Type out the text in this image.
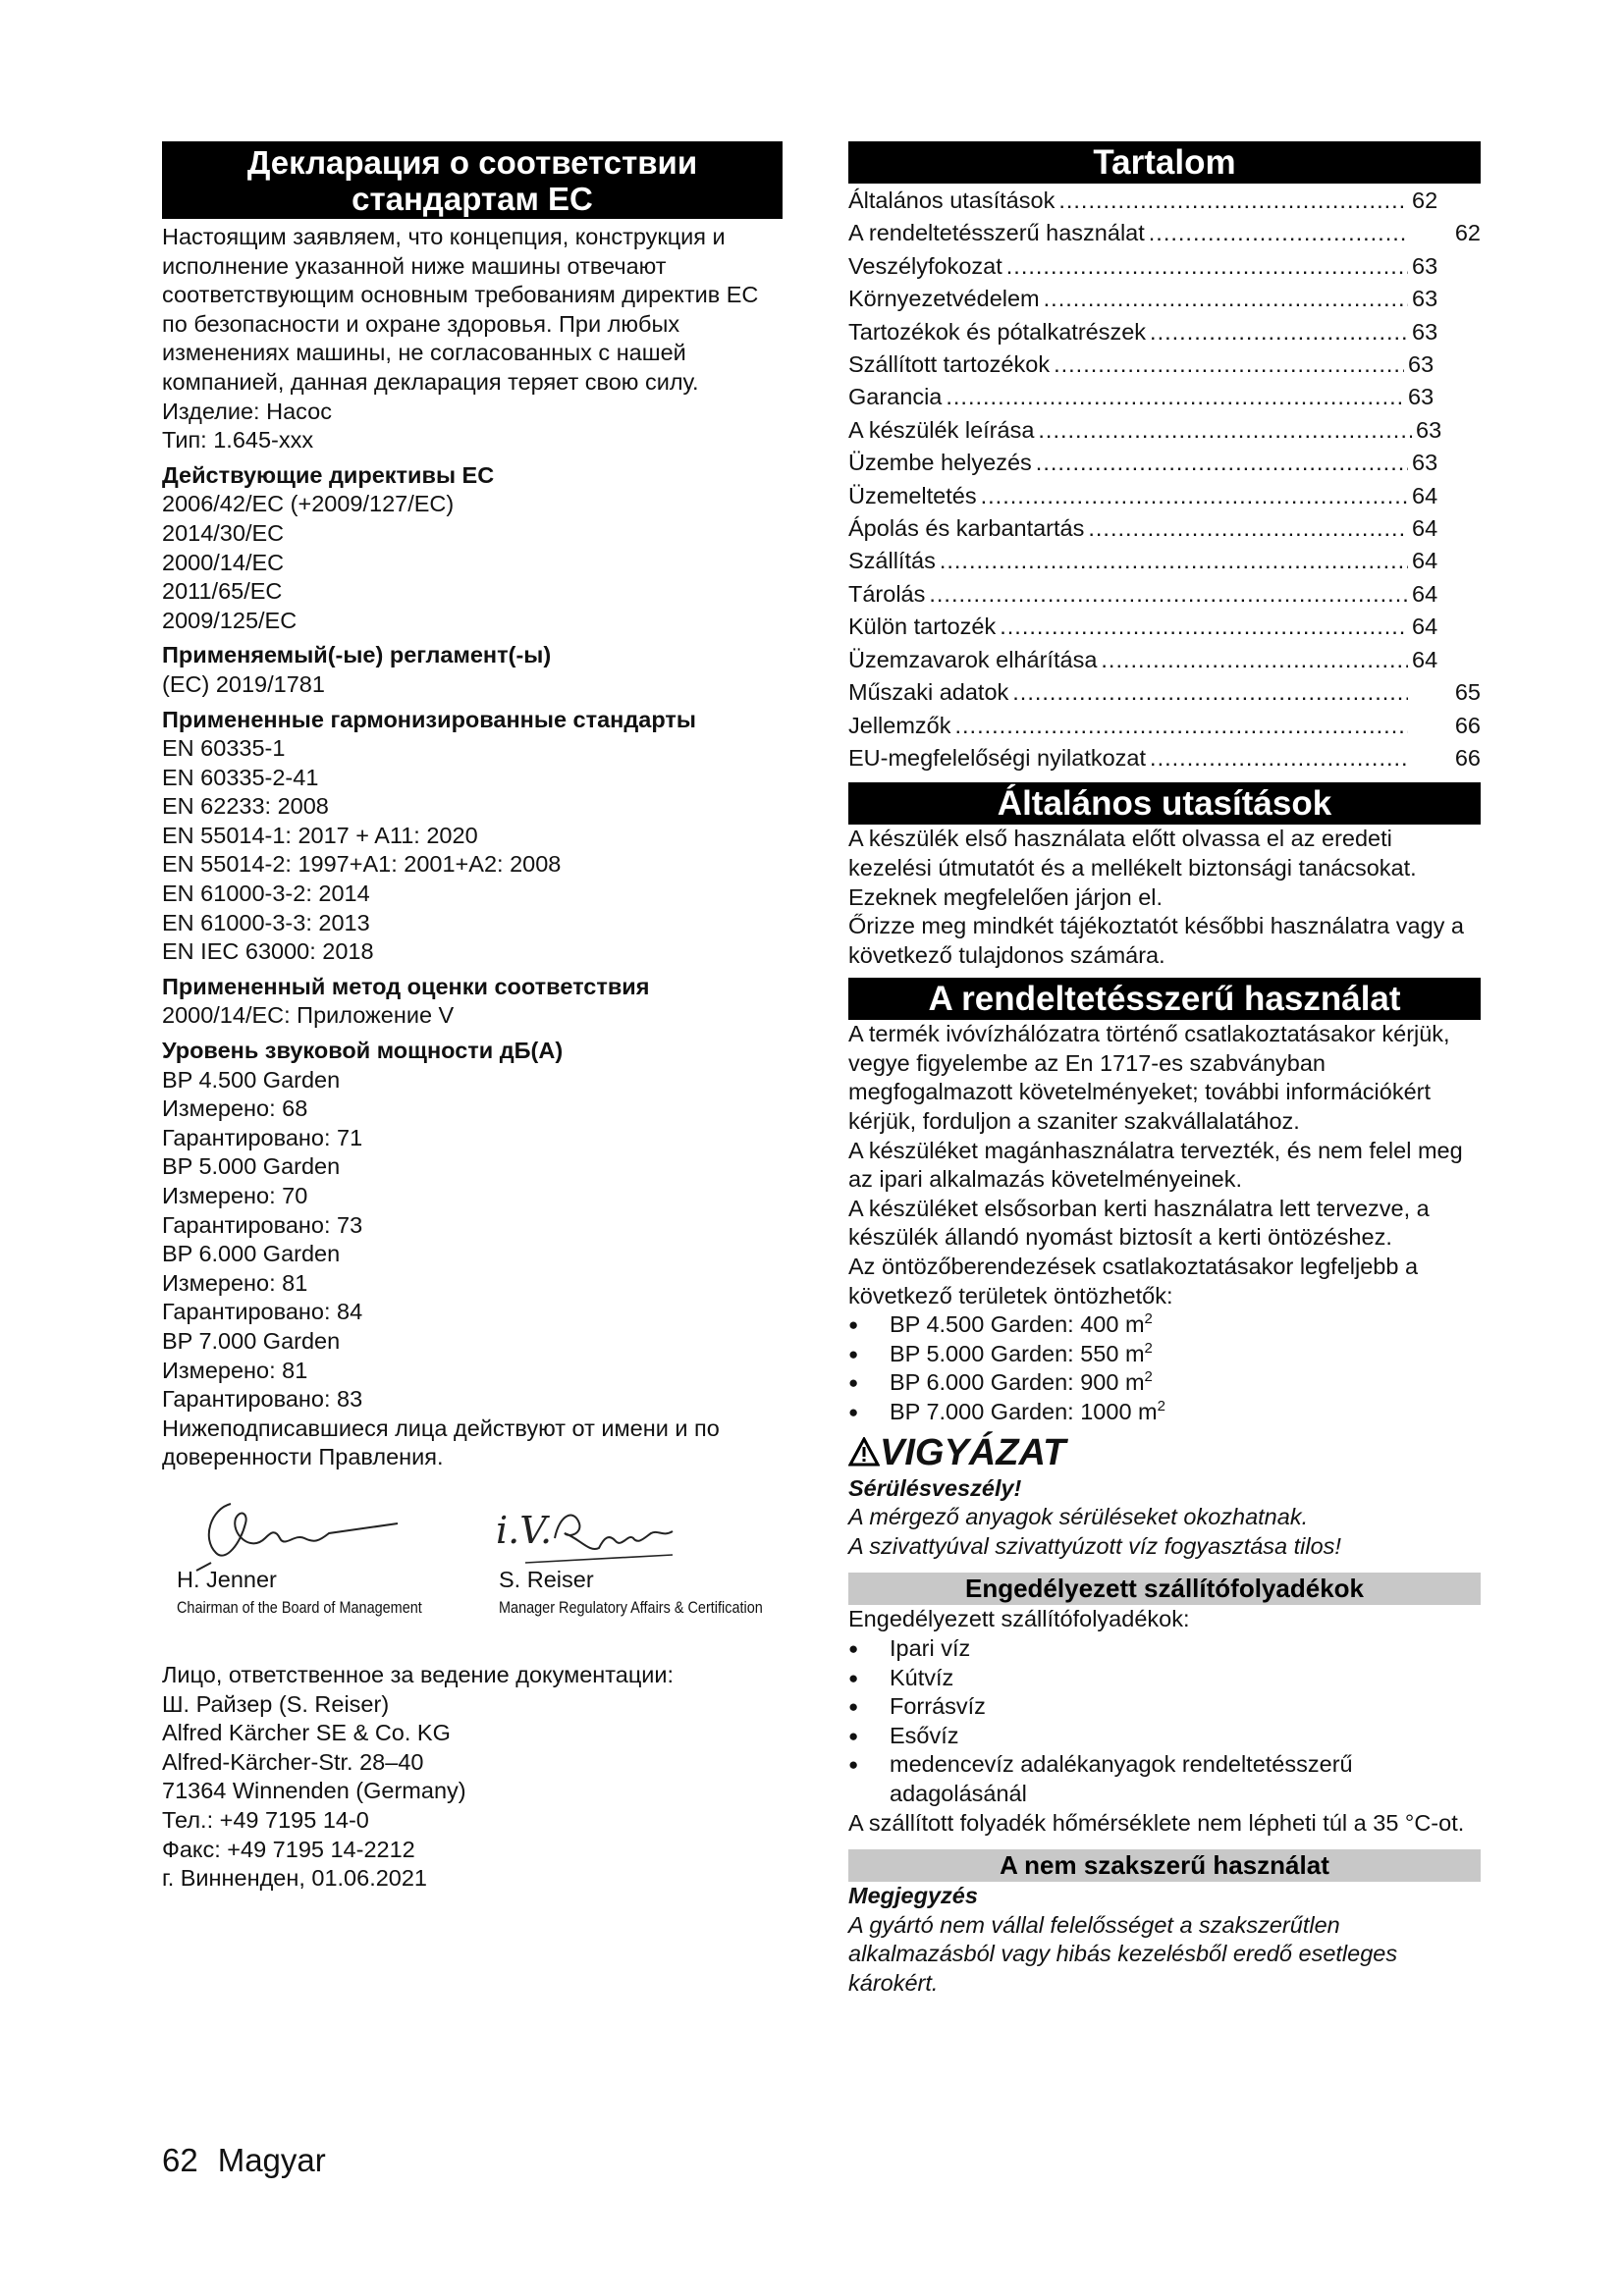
Декларация о соответствии стандартам ЕС

Настоящим заявляем, что концепция, конструкция и исполнение указанной ниже машины отвечают соответствующим основным требованиям директив ЕС по безопасности и охране здоровья. При любых изменениях машины, не согласованных с нашей компанией, данная декларация теряет свою силу.

Изделие: Насос

Тип: 1.645-xxx

Действующие директивы ЕС

2006/42/EC (+2009/127/EC)

2014/30/EC

2000/14/EC

2011/65/EC

2009/125/EC

Применяемый(-ые) регламент(-ы)

(EC) 2019/1781

Примененные гармонизированные стандарты

EN 60335-1

EN 60335-2-41

EN 62233: 2008

EN 55014-1: 2017 + A11: 2020

EN 55014-2: 1997+A1: 2001+A2: 2008

EN 61000-3-2: 2014

EN 61000-3-3: 2013

EN IEC 63000: 2018

Примененный метод оценки соответствия

2000/14/EC: Приложение V

Уровень звуковой мощности дБ(A)

BP 4.500 Garden

Измерено: 68

Гарантировано: 71

BP 5.000 Garden

Измерено: 70

Гарантировано: 73

BP 6.000 Garden

Измерено: 81

Гарантировано: 84

BP 7.000 Garden

Измерено: 81

Гарантировано: 83

Нижеподписавшиеся лица действуют от имени и по доверенности Правления.

i.V.
H. Jenner
Chairman of the Board of Management
S. Reiser
Manager Regulatory Affairs & Certification

Лицо, ответственное за ведение документации:

Ш. Райзер (S. Reiser)

Alfred Kärcher SE & Co. KG

Alfred-Kärcher-Str. 28–40

71364 Winnenden (Germany)

Тел.: +49 7195 14-0

Факс: +49 7195 14-2212

г. Винненден, 01.06.2021

Tartalom
Általános utasítások .....	62
A rendeltetésszerű használat .....	62
Veszélyfokozat .....	63
Környezetvédelem .....	63
Tartozékok és pótalkatrészek .....	63
Szállított tartozékok .....	63
Garancia .....	63
A készülék leírása .....	63
Üzembe helyezés .....	63
Üzemeltetés .....	64
Ápolás és karbantartás .....	64
Szállítás .....	64
Tárolás .....	64
Külön tartozék .....	64
Üzemzavarok elhárítása .....	64
Műszaki adatok .....	65
Jellemzők .....	66
EU-megfelelőségi nyilatkozat .....	66
Általános utasítások

A készülék első használata előtt olvassa el az eredeti kezelési útmutatót és a mellékelt biztonsági tanácsokat. Ezeknek megfelelően járjon el.

Őrizze meg mindkét tájékoztatót későbbi használatra vagy a következő tulajdonos számára.

A rendeltetésszerű használat

A termék ivóvízhálózatra történő csatlakoztatásakor kérjük, vegye figyelembe az En 1717-es szabványban megfogalmazott követelményeket; további információkért kérjük, forduljon a szaniter szakvállalatához.

A készüléket magánhasználatra tervezték, és nem felel meg az ipari alkalmazás követelményeinek.

A készüléket elsősorban kerti használatra lett tervezve, a készülék állandó nyomást biztosít a kerti öntözéshez.

Az öntözőberendezések csatlakoztatásakor legfeljebb a következő területek öntözhetők:

● BP 4.500 Garden: 400 $m^2$
● BP 5.000 Garden: 550 $m^2$
● BP 6.000 Garden: 900 $m^2$
● BP 7.000 Garden: 1000 $m^2$
VIGYÁZAT

Sérülésveszély!

A mérgező anyagok sérüléseket okozhatnak.

A szivattyúval szivattyúzott víz fogyasztása tilos!

Engedélyezett szállítófolyadékok

Engedélyezett szállítófolyadékok:

● Ipari víz
● Kútvíz
● Forrásvíz
● Esővíz
● medencevíz adalékanyagok rendeltetésszerű adagolásánál

A szállított folyadék hőmérséklete nem lépheti túl a 35 °C-ot.

A nem szakszerű használat

Megjegyzés

A gyártó nem vállal felelősséget a szakszerűtlen alkalmazásból vagy hibás kezelésből eredő esetleges károkért.

62 Magyar
